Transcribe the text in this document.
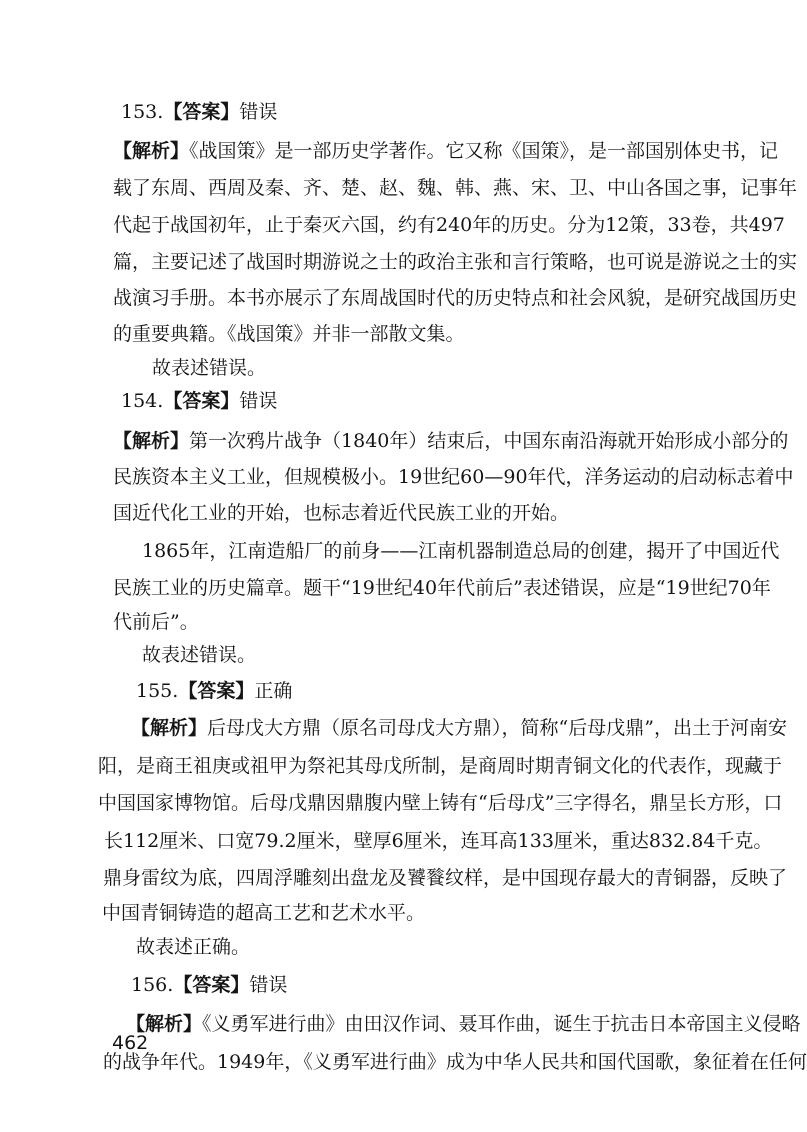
153.【答案】错误

【解析】《战国策》是一部历史学著作。它又称《国策》，是一部国别体史书，记

载了东周、西周及秦、齐、楚、赵、魏、韩、燕、宋、卫、中山各国之事，记事年

代起于战国初年，止于秦灭六国，约有240年的历史。分为12策，33卷，共497

篇，主要记述了战国时期游说之士的政治主张和言行策略，也可说是游说之士的实

战演习手册。本书亦展示了东周战国时代的历史特点和社会风貌，是研究战国历史

的重要典籍。《战国策》并非一部散文集。

故表述错误。

154.【答案】错误

【解析】第一次鸦片战争（1840年）结束后，中国东南沿海就开始形成小部分的

民族资本主义工业，但规模极小。19世纪60—90年代，洋务运动的启动标志着中

国近代化工业的开始，也标志着近代民族工业的开始。

1865年，江南造船厂的前身——江南机器制造总局的创建，揭开了中国近代

民族工业的历史篇章。题干“19世纪40年代前后”表述错误，应是“19世纪70年

代前后”。

故表述错误。

155.【答案】正确

【解析】后母戊大方鼎（原名司母戊大方鼎），简称“后母戊鼎”，出土于河南安

阳，是商王祖庚或祖甲为祭祀其母戊所制，是商周时期青铜文化的代表作，现藏于

中国国家博物馆。后母戊鼎因鼎腹内壁上铸有“后母戊”三字得名，鼎呈长方形，口

长112厘米、口宽79.2厘米，壁厚6厘米，连耳高133厘米，重达832.84千克。

鼎身雷纹为底，四周浮雕刻出盘龙及饕餮纹样，是中国现存最大的青铜器，反映了

中国青铜铸造的超高工艺和艺术水平。

故表述正确。

156.【答案】错误

【解析】《义勇军进行曲》由田汉作词、聂耳作曲，诞生于抗击日本帝国主义侵略

的战争年代。1949年，《义勇军进行曲》成为中华人民共和国代国歌，象征着在任何

462
